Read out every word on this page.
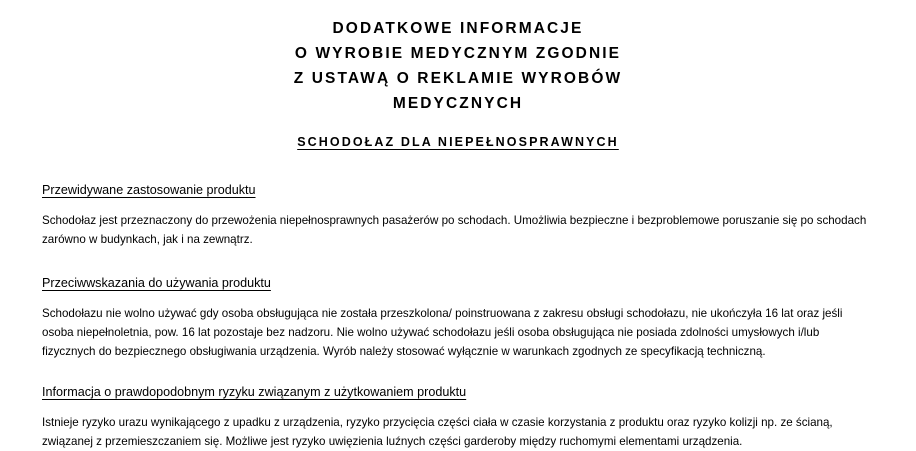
DODATKOWE INFORMACJE
O WYROBIE MEDYCZNYM ZGODNIE
Z USTAWĄ O REKLAMIE WYROBÓW
MEDYCZNYCH
SCHODOŁAZ DLA NIEPEŁNOSPRAWNYCH
Przewidywane zastosowanie produktu

Schodołaz jest przeznaczony do przewożenia niepełnosprawnych pasażerów po schodach. Umożliwia bezpieczne i bezproblemowe poruszanie się po schodach zarówno w budynkach, jak i na zewnątrz.

Przeciwwskazania do używania produktu

Schodołazu nie wolno używać gdy osoba obsługująca nie została przeszkolona/ poinstruowana z zakresu obsługi schodołazu, nie ukończyła 16 lat oraz jeśli osoba niepełnoletnia, pow. 16 lat pozostaje bez nadzoru. Nie wolno używać schodołazu jeśli osoba obsługująca nie posiada zdolności umysłowych i/lub fizycznych do bezpiecznego obsługiwania urządzenia. Wyrób należy stosować wyłącznie w warunkach zgodnych ze specyfikacją techniczną.

Informacja o prawdopodobnym ryzyku związanym z użytkowaniem produktu

Istnieje ryzyko urazu wynikającego z upadku z urządzenia, ryzyko przycięcia części ciała w czasie korzystania z produktu oraz ryzyko kolizji np. ze ścianą, związanej z przemieszczaniem się. Możliwe jest ryzyko uwięzienia luźnych części garderoby między ruchomymi elementami urządzenia.
